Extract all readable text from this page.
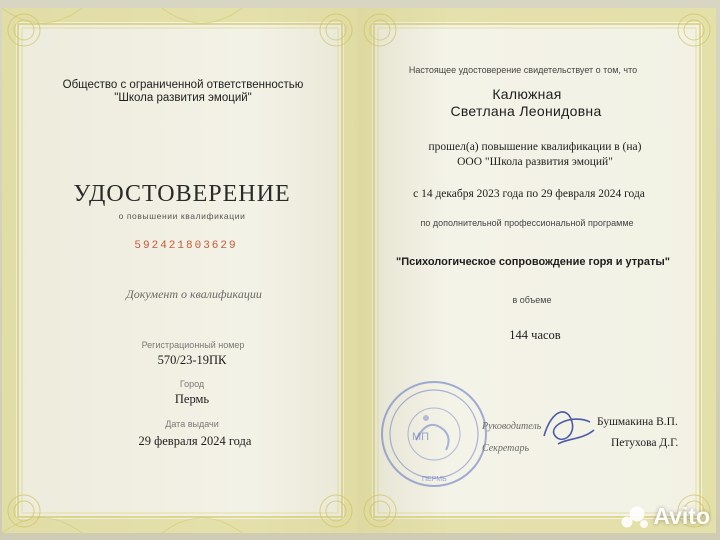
Общество с ограниченной ответственностью
"Школа развития эмоций"
УДОСТОВЕРЕНИЕ
о повышении квалификации
592421803629
Документ о квалификации
Регистрационный номер
570/23-19ПК
Город
Пермь
Дата выдачи
29 февраля 2024 года
Настоящее удостоверение свидетельствует о том, что
Калюжная
Светлана Леонидовна
прошел(а) повышение квалификации в (на)
ООО "Школа развития эмоций"
с 14 декабря 2023 года по 29 февраля 2024 года
по дополнительной профессиональной программе
"Психологическое сопровождение горя и утраты"
в объеме
144 часов
МП
ПЕРМЬ
Руководитель
Секретарь
Бушмакина В.П.
Петухова Д.Г.
Avito
